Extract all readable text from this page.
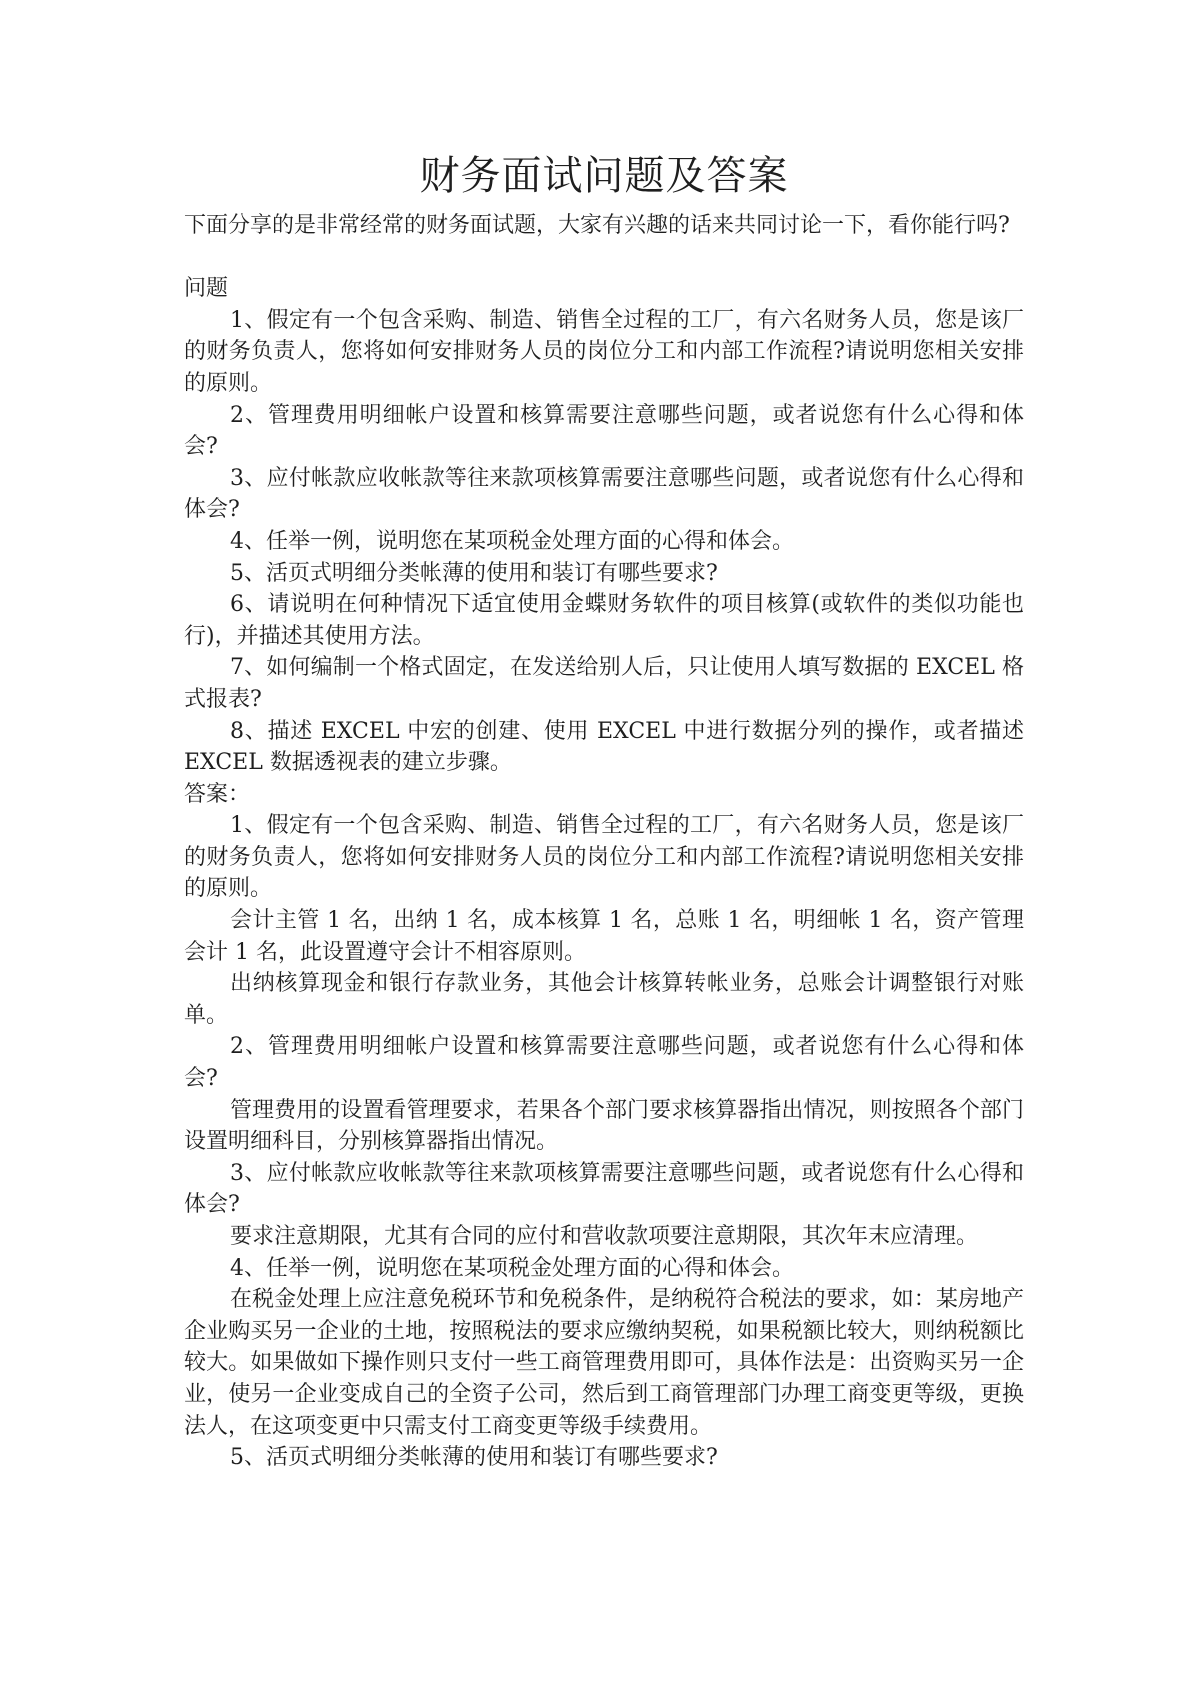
财务面试问题及答案

下面分享的是非常经常的财务面试题，大家有兴趣的话来共同讨论一下，看你能行吗?

问题

1、假定有一个包含采购、制造、销售全过程的工厂，有六名财务人员，您是该厂的财务负责人，您将如何安排财务人员的岗位分工和内部工作流程?请说明您相关安排的原则。

2、管理费用明细帐户设置和核算需要注意哪些问题，或者说您有什么心得和体会?

3、应付帐款应收帐款等往来款项核算需要注意哪些问题，或者说您有什么心得和体会?

4、任举一例，说明您在某项税金处理方面的心得和体会。

5、活页式明细分类帐薄的使用和装订有哪些要求?

6、请说明在何种情况下适宜使用金蝶财务软件的项目核算(或软件的类似功能也行)，并描述其使用方法。

7、如何编制一个格式固定，在发送给别人后，只让使用人填写数据的 EXCEL 格式报表?

8、描述 EXCEL 中宏的创建、使用 EXCEL 中进行数据分列的操作，或者描述 EXCEL 数据透视表的建立步骤。

答案：

1、假定有一个包含采购、制造、销售全过程的工厂，有六名财务人员，您是该厂的财务负责人，您将如何安排财务人员的岗位分工和内部工作流程?请说明您相关安排的原则。

会计主管 1 名，出纳 1 名，成本核算 1 名，总账 1 名，明细帐 1 名，资产管理会计 1 名，此设置遵守会计不相容原则。

出纳核算现金和银行存款业务，其他会计核算转帐业务，总账会计调整银行对账单。

2、管理费用明细帐户设置和核算需要注意哪些问题，或者说您有什么心得和体会?

管理费用的设置看管理要求，若果各个部门要求核算器指出情况，则按照各个部门设置明细科目，分别核算器指出情况。

3、应付帐款应收帐款等往来款项核算需要注意哪些问题，或者说您有什么心得和体会?

要求注意期限，尤其有合同的应付和营收款项要注意期限，其次年末应清理。

4、任举一例，说明您在某项税金处理方面的心得和体会。

在税金处理上应注意免税环节和免税条件，是纳税符合税法的要求，如：某房地产企业购买另一企业的土地，按照税法的要求应缴纳契税，如果税额比较大，则纳税额比较大。如果做如下操作则只支付一些工商管理费用即可，具体作法是：出资购买另一企业，使另一企业变成自己的全资子公司，然后到工商管理部门办理工商变更等级，更换法人，在这项变更中只需支付工商变更等级手续费用。

5、活页式明细分类帐薄的使用和装订有哪些要求?
